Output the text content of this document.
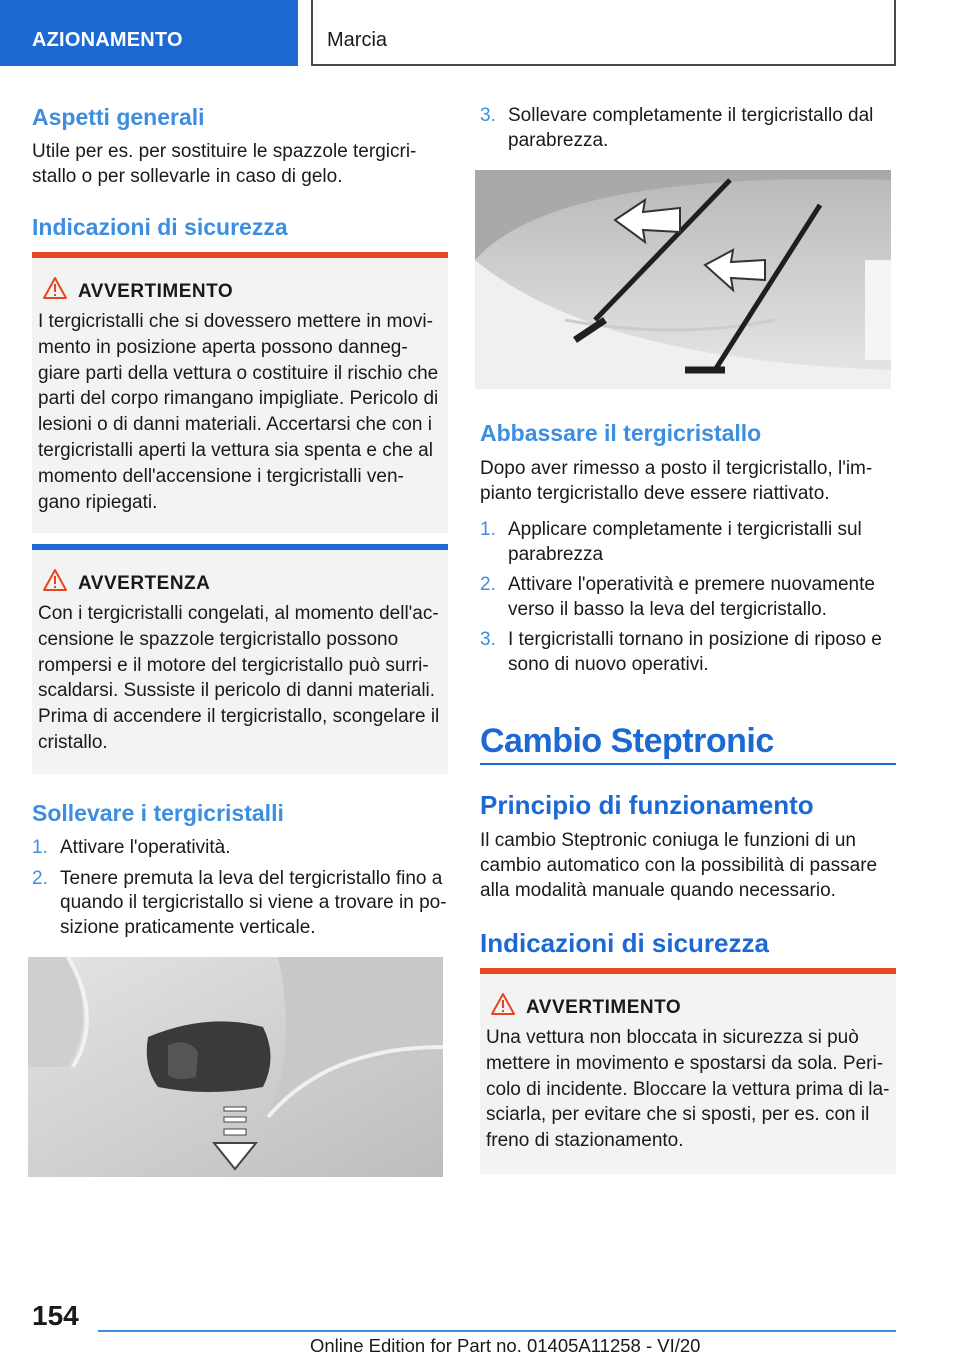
AZIONAMENTO	Marcia
Aspetti generali
Utile per es. per sostituire le spazzole tergicri-stallo o per sollevarle in caso di gelo.
Indicazioni di sicurezza
AVVERTIMENTO
I tergicristalli che si dovessero mettere in movi-mento in posizione aperta possono danneg-giare parti della vettura o costituire il rischio che parti del corpo rimangano impigliate. Pericolo di lesioni o di danni materiali. Accertarsi che con i tergicristalli aperti la vettura sia spenta e che al momento dell'accensione i tergicristalli ven-gano ripiegati.
AVVERTENZA
Con i tergicristalli congelati, al momento dell'ac-censione le spazzole tergicristallo possono rompersi e il motore del tergicristallo può surri-scaldarsi. Sussiste il pericolo di danni materiali. Prima di accendere il tergicristallo, scongelare il cristallo.
Sollevare i tergicristalli
1. Attivare l'operatività.
2. Tenere premuta la leva del tergicristallo fino a quando il tergicristallo si viene a trovare in po-sizione praticamente verticale.
3. Sollevare completamente il tergicristallo dal parabrezza.
Abbassare il tergicristallo
Dopo aver rimesso a posto il tergicristallo, l'im-pianto tergicristallo deve essere riattivato.
1. Applicare completamente i tergicristalli sul parabrezza
2. Attivare l'operatività e premere nuovamente verso il basso la leva del tergicristallo.
3. I tergicristalli tornano in posizione di riposo e sono di nuovo operativi.
Cambio Steptronic
Principio di funzionamento
Il cambio Steptronic coniuga le funzioni di un cambio automatico con la possibilità di passare alla modalità manuale quando necessario.
Indicazioni di sicurezza
AVVERTIMENTO
Una vettura non bloccata in sicurezza si può mettere in movimento e spostarsi da sola. Peri-colo di incidente. Bloccare la vettura prima di la-sciarla, per evitare che si sposti, per es. con il freno di stazionamento.
154
Online Edition for Part no. 01405A11258 - VI/20
